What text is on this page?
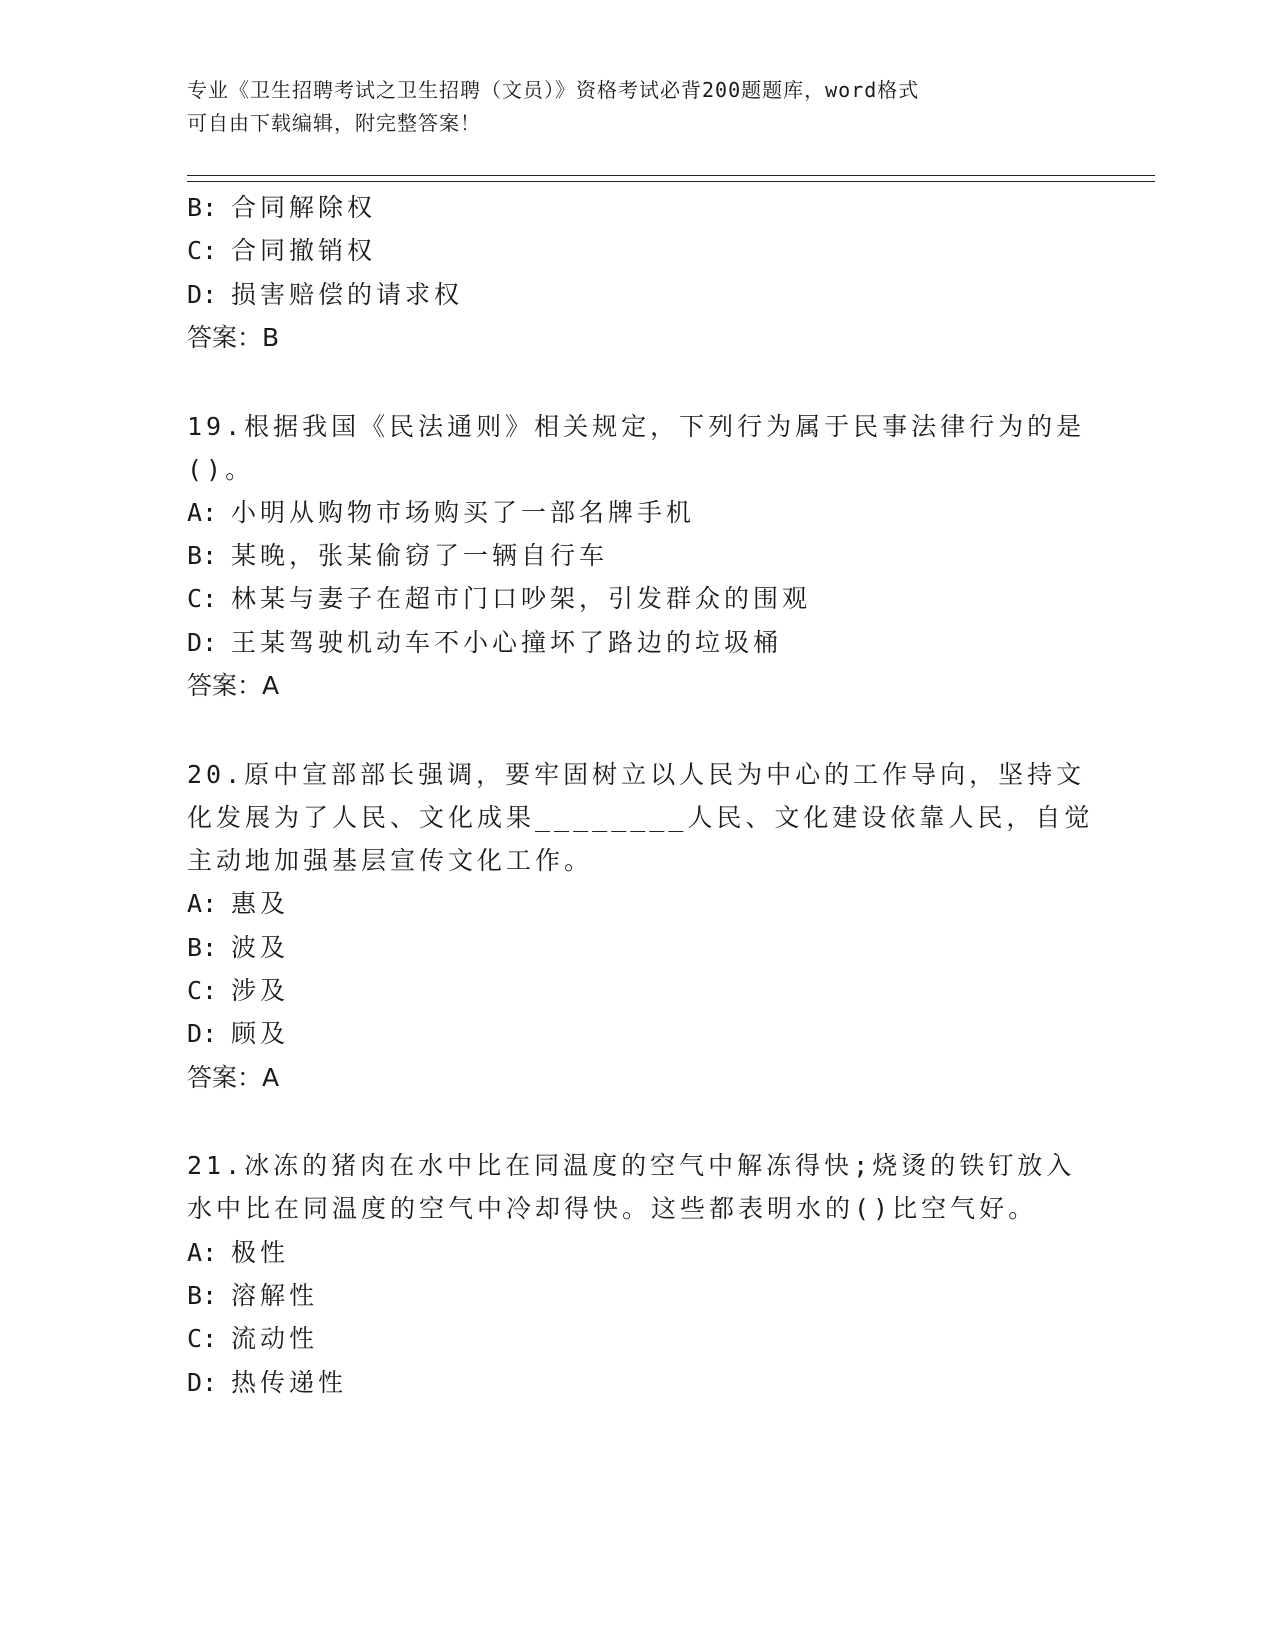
专业《卫生招聘考试之卫生招聘（文员）》资格考试必背200题题库，word格式
可自由下载编辑，附完整答案！
B: 合同解除权
C: 合同撤销权
D: 损害赔偿的请求权
答案：B
19.根据我国《民法通则》相关规定，下列行为属于民事法律行为的是
()。
A: 小明从购物市场购买了一部名牌手机
B: 某晚，张某偷窃了一辆自行车
C: 林某与妻子在超市门口吵架，引发群众的围观
D: 王某驾驶机动车不小心撞坏了路边的垃圾桶
答案：A
20.原中宣部部长强调，要牢固树立以人民为中心的工作导向，坚持文
化发展为了人民、文化成果________人民、文化建设依靠人民，自觉
主动地加强基层宣传文化工作。
A: 惠及
B: 波及
C: 涉及
D: 顾及
答案：A
21.冰冻的猪肉在水中比在同温度的空气中解冻得快;烧烫的铁钉放入
水中比在同温度的空气中冷却得快。这些都表明水的()比空气好。
A: 极性
B: 溶解性
C: 流动性
D: 热传递性
